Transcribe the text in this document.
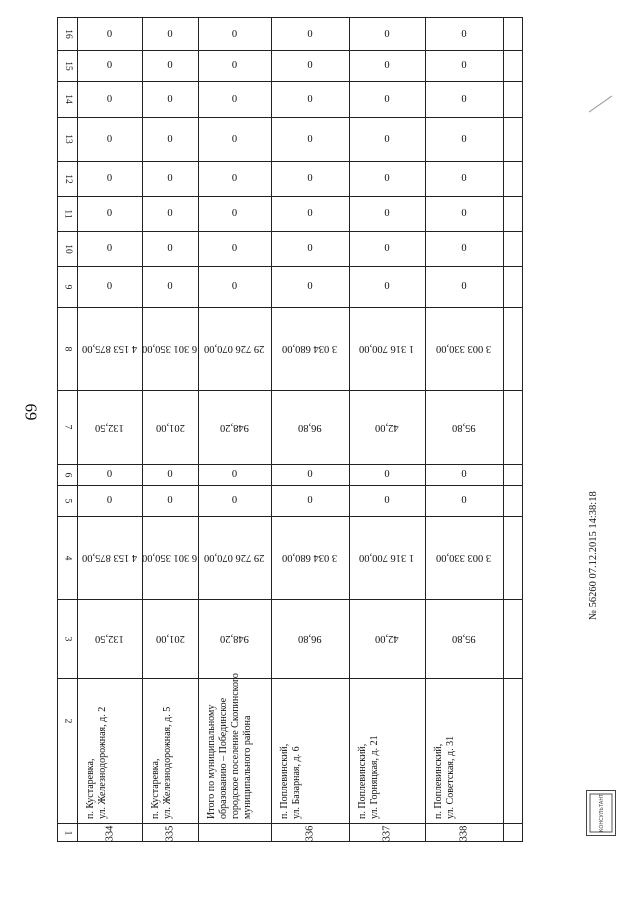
69
16
15
14
13
12
11
10
9
8
7
6
5
4
3
2
1
0
0
0
0
0
0
0
0
4 153 875,00
132,50
0
0
4 153 875,00
132,50
п. Кустаревка, ул. Железнодорожная, д. 2
334
0
0
0
0
0
0
0
0
6 301 350,00
201,00
0
0
6 301 350,00
201,00
п. Кустаревка, ул. Железнодорожная, д. 5
335
0
0
0
0
0
0
0
0
29 726 070,00
948,20
0
0
29 726 070,00
948,20
Итого по муниципальному образованию – Побединское городское поселение Скопинского муниципального района
0
0
0
0
0
0
0
0
3 034 680,00
96,80
0
0
3 034 680,00
96,80
п. Поплевинский, ул. Базарная, д. 6
336
0
0
0
0
0
0
0
0
1 316 700,00
42,00
0
0
1 316 700,00
42,00
п. Поплевинский, ул. Горняцкая, д. 21
337
0
0
0
0
0
0
0
0
3 003 330,00
95,80
0
0
3 003 330,00
95,80
п. Поплевинский, ул. Советская, д. 31
338
№ 56260 07.12.2015 14:38:18
КОНСУЛЬТАНТ
